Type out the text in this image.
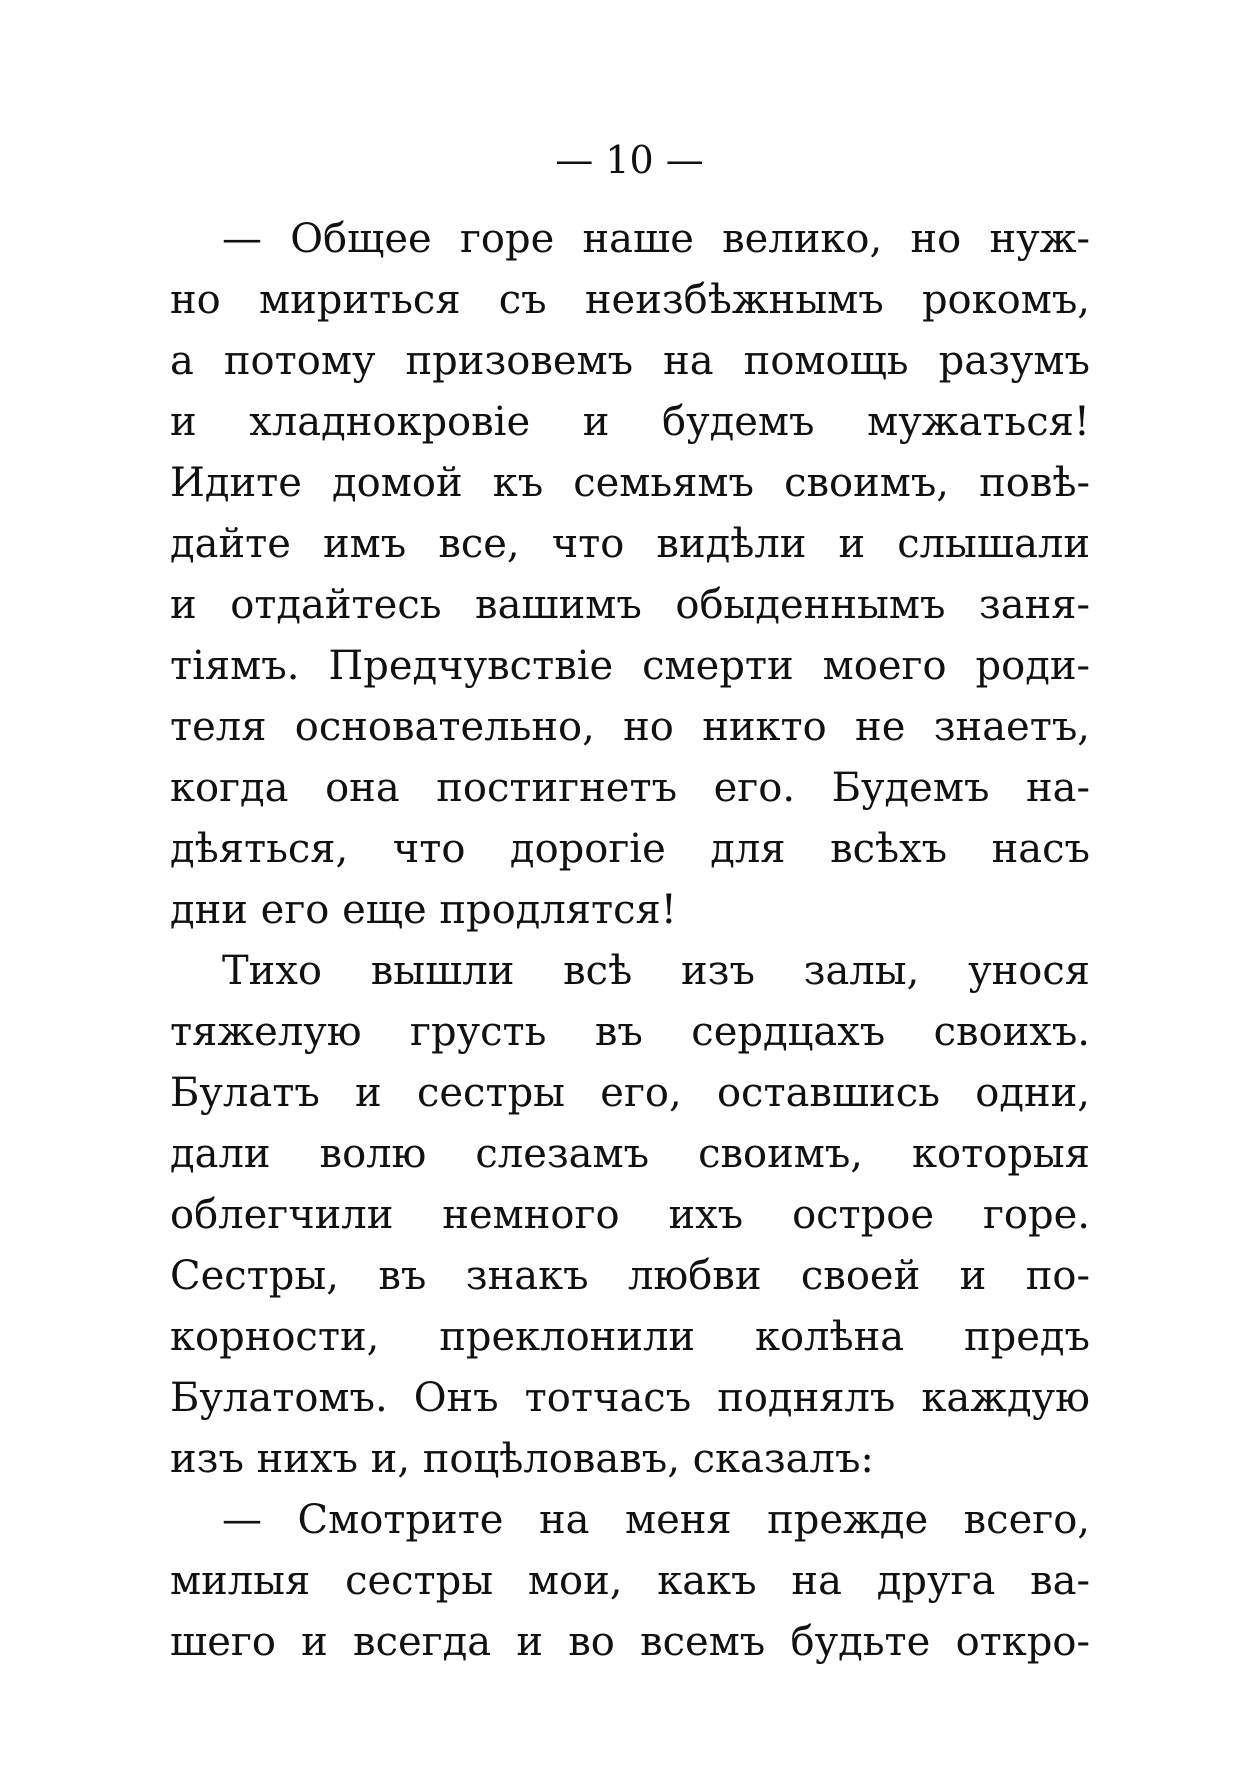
— 10 —
— Общее горе наше велико, но нуж-
но мириться съ неизбѣжнымъ рокомъ,
а потому призовемъ на помощь разумъ
и хладнокровіе и будемъ мужаться!
Идите домой къ семьямъ своимъ, повѣ-
дайте имъ все, что видѣли и слышали
и отдайтесь вашимъ обыденнымъ заня-
тіямъ. Предчувствіе смерти моего роди-
теля основательно, но никто не знаетъ,
когда она постигнетъ его. Будемъ на-
дѣяться, что дорогіе для всѣхъ насъ
дни его еще продлятся!
Тихо вышли всѣ изъ залы, унося
тяжелую грусть въ сердцахъ своихъ.
Булатъ и сестры его, оставшись одни,
дали волю слезамъ своимъ, которыя
облегчили немного ихъ острое горе.
Сестры, въ знакъ любви своей и по-
корности, преклонили колѣна предъ
Булатомъ. Онъ тотчасъ поднялъ каждую
изъ нихъ и, поцѣловавъ, сказалъ:
— Смотрите на меня прежде всего,
милыя сестры мои, какъ на друга ва-
шего и всегда и во всемъ будьте откро-
